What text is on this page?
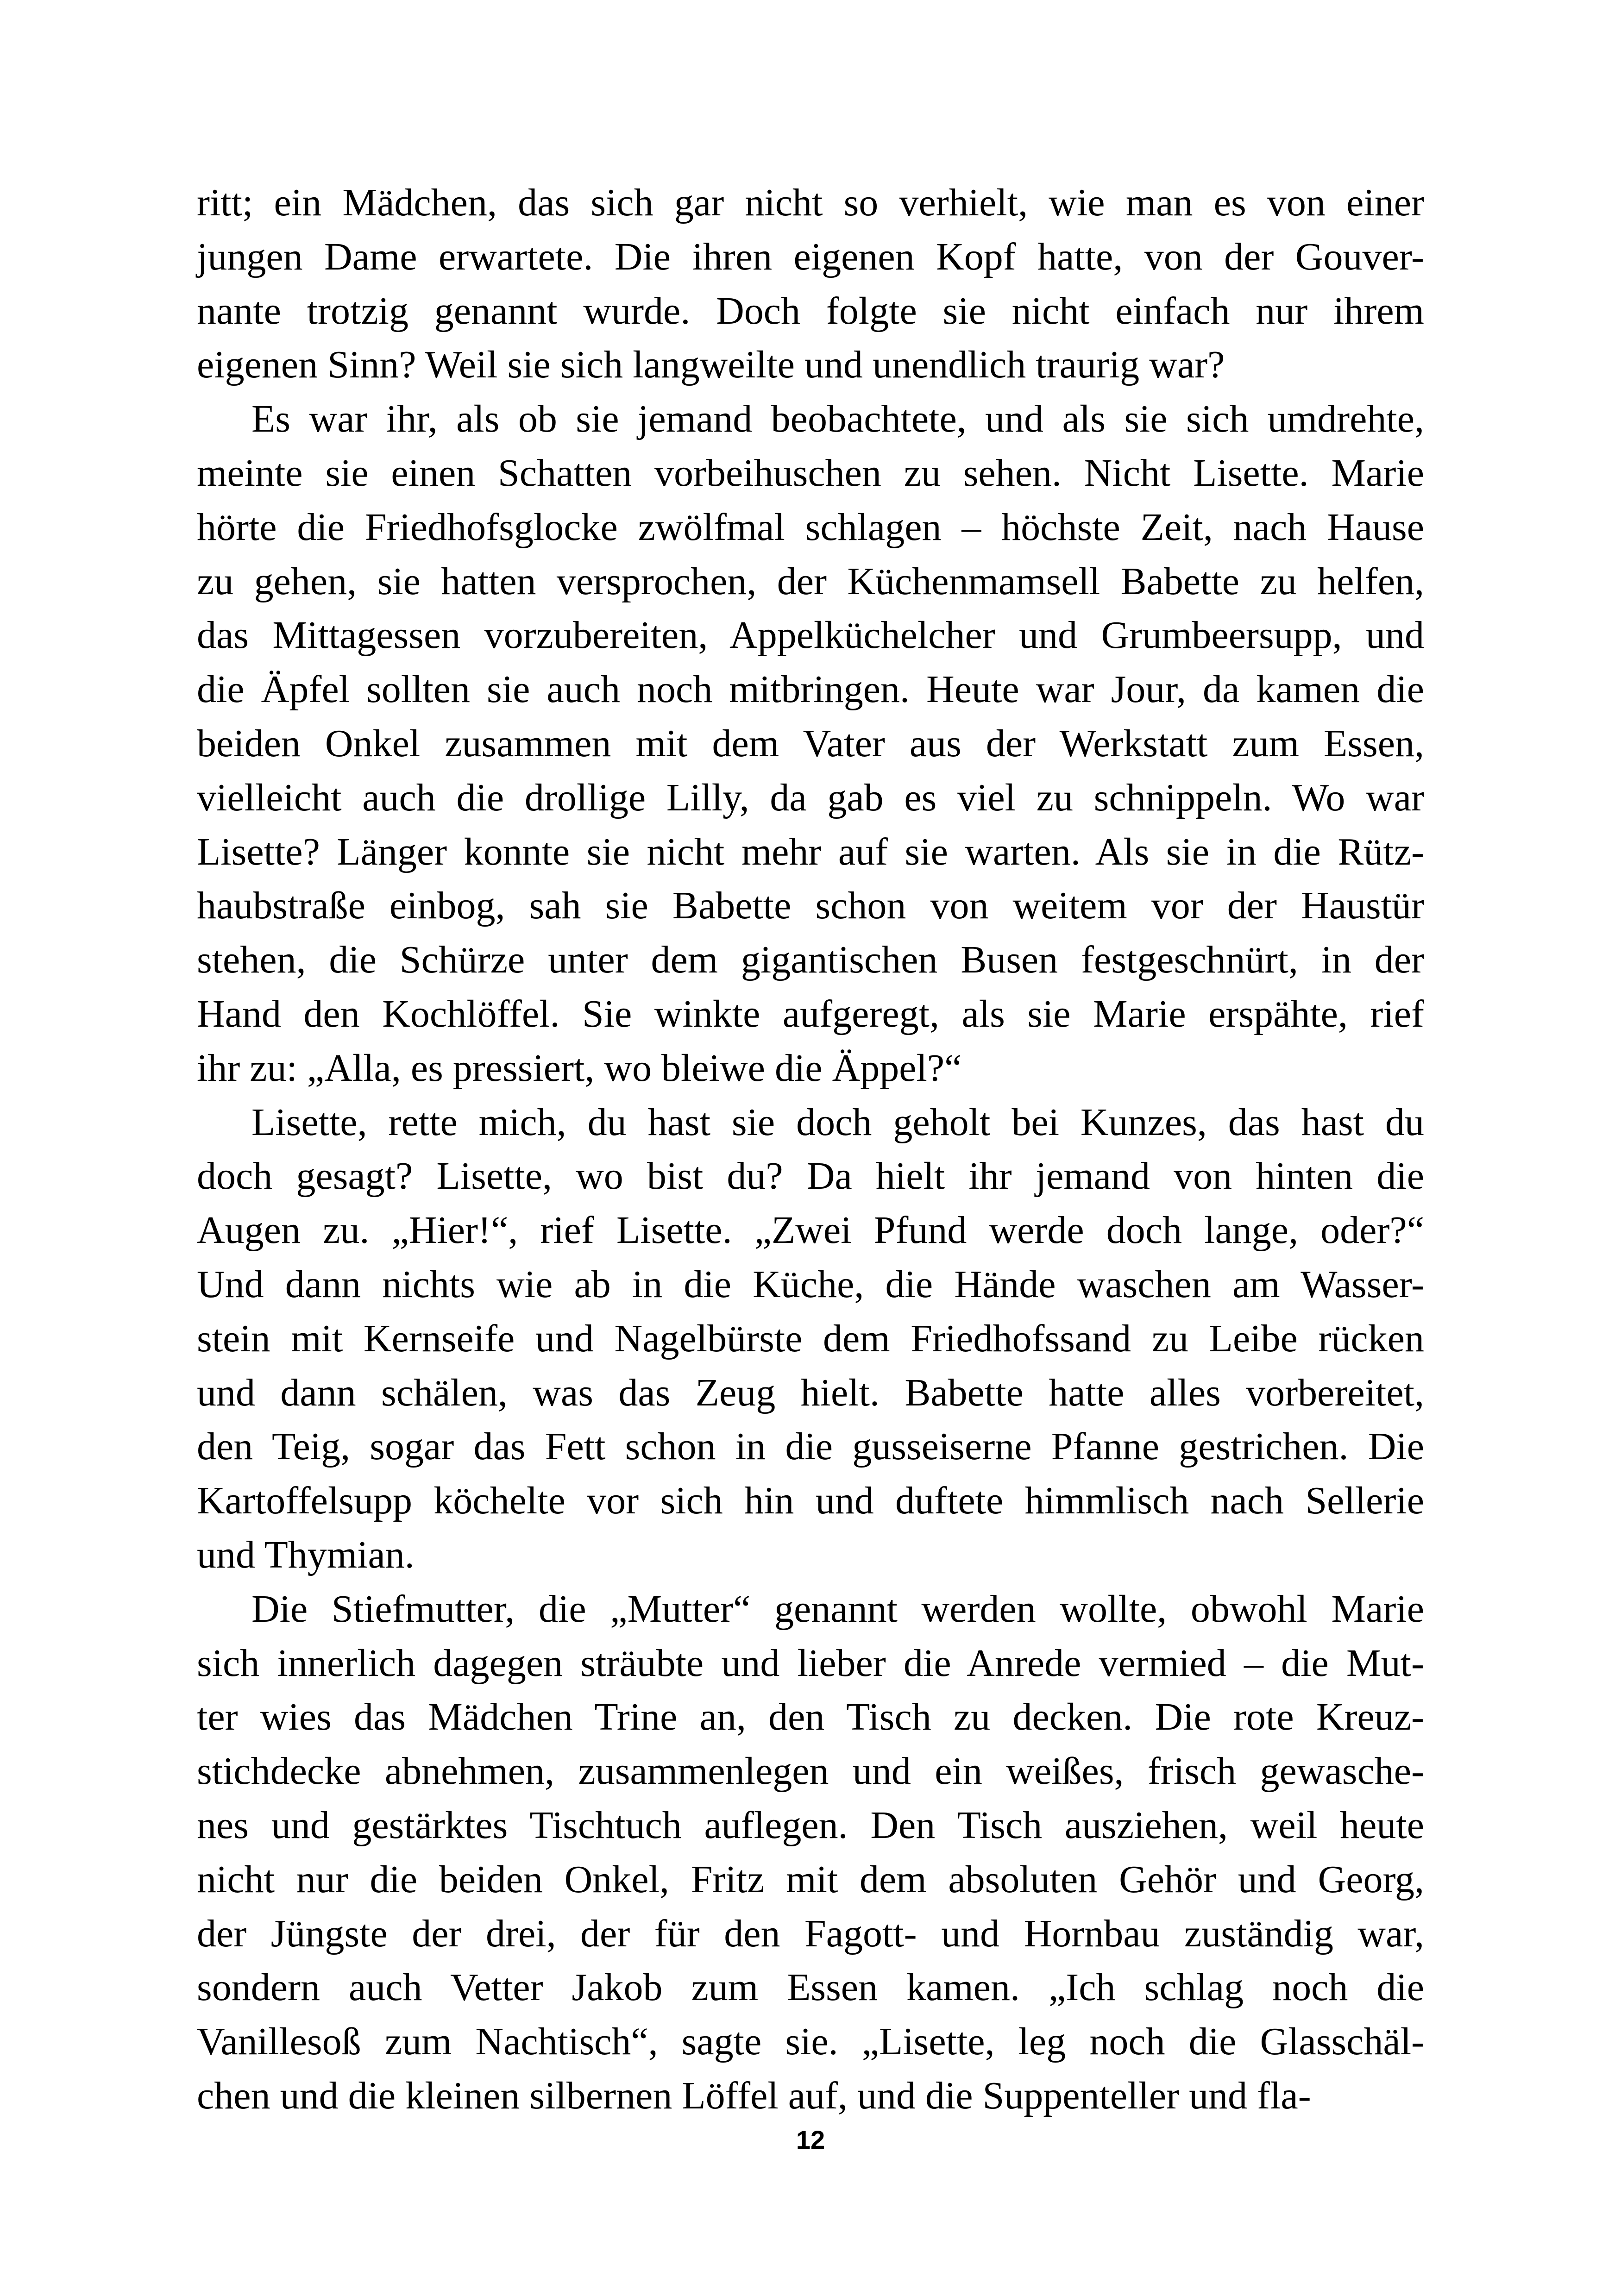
ritt; ein Mädchen, das sich gar nicht so verhielt, wie man es von einer
jungen Dame erwartete. Die ihren eigenen Kopf hatte, von der Gouver-
nante trotzig genannt wurde. Doch folgte sie nicht einfach nur ihrem
eigenen Sinn? Weil sie sich langweilte und unendlich traurig war?
Es war ihr, als ob sie jemand beobachtete, und als sie sich umdrehte,
meinte sie einen Schatten vorbeihuschen zu sehen. Nicht Lisette. Marie
hörte die Friedhofsglocke zwölfmal schlagen – höchste Zeit, nach Hause
zu gehen, sie hatten versprochen, der Küchenmamsell Babette zu helfen,
das Mittagessen vorzubereiten, Appelküchelcher und Grumbeersupp, und
die Äpfel sollten sie auch noch mitbringen. Heute war Jour, da kamen die
beiden Onkel zusammen mit dem Vater aus der Werkstatt zum Essen,
vielleicht auch die drollige Lilly, da gab es viel zu schnippeln. Wo war
Lisette? Länger konnte sie nicht mehr auf sie warten. Als sie in die Rütz-
haubstraße einbog, sah sie Babette schon von weitem vor der Haustür
stehen, die Schürze unter dem gigantischen Busen festgeschnürt, in der
Hand den Kochlöffel. Sie winkte aufgeregt, als sie Marie erspähte, rief
ihr zu: „Alla, es pressiert, wo bleiwe die Äppel?“
Lisette, rette mich, du hast sie doch geholt bei Kunzes, das hast du
doch gesagt? Lisette, wo bist du? Da hielt ihr jemand von hinten die
Augen zu. „Hier!“, rief Lisette. „Zwei Pfund werde doch lange, oder?“
Und dann nichts wie ab in die Küche, die Hände waschen am Wasser-
stein mit Kernseife und Nagelbürste dem Friedhofssand zu Leibe rücken
und dann schälen, was das Zeug hielt. Babette hatte alles vorbereitet,
den Teig, sogar das Fett schon in die gusseiserne Pfanne gestrichen. Die
Kartoffelsupp köchelte vor sich hin und duftete himmlisch nach Sellerie
und Thymian.
Die Stiefmutter, die „Mutter“ genannt werden wollte, obwohl Marie
sich innerlich dagegen sträubte und lieber die Anrede vermied – die Mut-
ter wies das Mädchen Trine an, den Tisch zu decken. Die rote Kreuz-
stichdecke abnehmen, zusammenlegen und ein weißes, frisch gewasche-
nes und gestärktes Tischtuch auflegen. Den Tisch ausziehen, weil heute
nicht nur die beiden Onkel, Fritz mit dem absoluten Gehör und Georg,
der Jüngste der drei, der für den Fagott- und Hornbau zuständig war,
sondern auch Vetter Jakob zum Essen kamen. „Ich schlag noch die
Vanillesoß zum Nachtisch“, sagte sie. „Lisette, leg noch die Glasschäl-
chen und die kleinen silbernen Löffel auf, und die Suppenteller und fla-
12
